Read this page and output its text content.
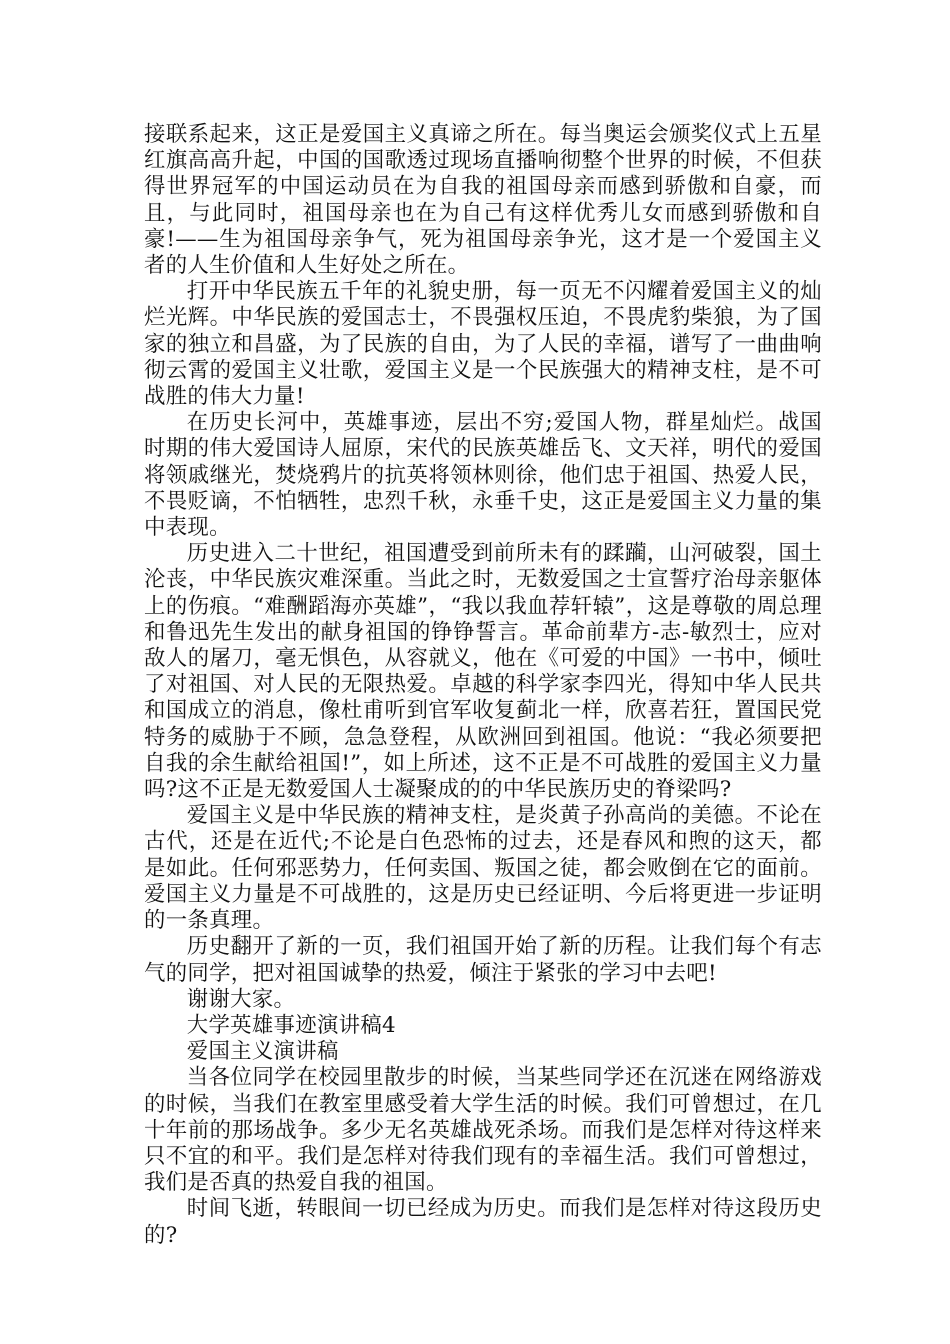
接联系起来，这正是爱国主义真谛之所在。每当奥运会颁奖仪式上五星红旗高高升起，中国的国歌透过现场直播响彻整个世界的时候，不但获得世界冠军的中国运动员在为自我的祖国母亲而感到骄傲和自豪，而且，与此同时，祖国母亲也在为自己有这样优秀儿女而感到骄傲和自豪!——生为祖国母亲争气，死为祖国母亲争光，这才是一个爱国主义者的人生价值和人生好处之所在。

打开中华民族五千年的礼貌史册，每一页无不闪耀着爱国主义的灿烂光辉。中华民族的爱国志士，不畏强权压迫，不畏虎豹柴狼，为了国家的独立和昌盛，为了民族的自由，为了人民的幸福，谱写了一曲曲响彻云霄的爱国主义壮歌，爱国主义是一个民族强大的精神支柱，是不可战胜的伟大力量!

在历史长河中，英雄事迹，层出不穷;爱国人物，群星灿烂。战国时期的伟大爱国诗人屈原，宋代的民族英雄岳飞、文天祥，明代的爱国将领戚继光，焚烧鸦片的抗英将领林则徐，他们忠于祖国、热爱人民，不畏贬谪，不怕牺牲，忠烈千秋，永垂千史，这正是爱国主义力量的集中表现。

历史进入二十世纪，祖国遭受到前所未有的蹂躏，山河破裂，国土沦丧，中华民族灾难深重。当此之时，无数爱国之士宣誓疗治母亲躯体上的伤痕。“难酬蹈海亦英雄”，“我以我血荐轩辕”，这是尊敬的周总理和鲁迅先生发出的献身祖国的铮铮誓言。革命前辈方-志-敏烈士，应对敌人的屠刀，毫无惧色，从容就义，他在《可爱的中国》一书中，倾吐了对祖国、对人民的无限热爱。卓越的科学家李四光，得知中华人民共和国成立的消息，像杜甫听到官军收复蓟北一样，欣喜若狂，置国民党特务的威胁于不顾，急急登程，从欧洲回到祖国。他说：“我必须要把自我的余生献给祖国!”，如上所述，这不正是不可战胜的爱国主义力量吗?这不正是无数爱国人士凝聚成的的中华民族历史的脊梁吗?

爱国主义是中华民族的精神支柱，是炎黄子孙高尚的美德。不论在古代，还是在近代;不论是白色恐怖的过去，还是春风和煦的这天，都是如此。任何邪恶势力，任何卖国、叛国之徒，都会败倒在它的面前。爱国主义力量是不可战胜的，这是历史已经证明、今后将更进一步证明的一条真理。

历史翻开了新的一页，我们祖国开始了新的历程。让我们每个有志气的同学，把对祖国诚挚的热爱，倾注于紧张的学习中去吧!

谢谢大家。

大学英雄事迹演讲稿4

爱国主义演讲稿

当各位同学在校园里散步的时候，当某些同学还在沉迷在网络游戏的时候，当我们在教室里感受着大学生活的时候。我们可曾想过，在几十年前的那场战争。多少无名英雄战死杀场。而我们是怎样对待这样来只不宜的和平。我们是怎样对待我们现有的幸福生活。我们可曾想过，我们是否真的热爱自我的祖国。

时间飞逝，转眼间一切已经成为历史。而我们是怎样对待这段历史的?
